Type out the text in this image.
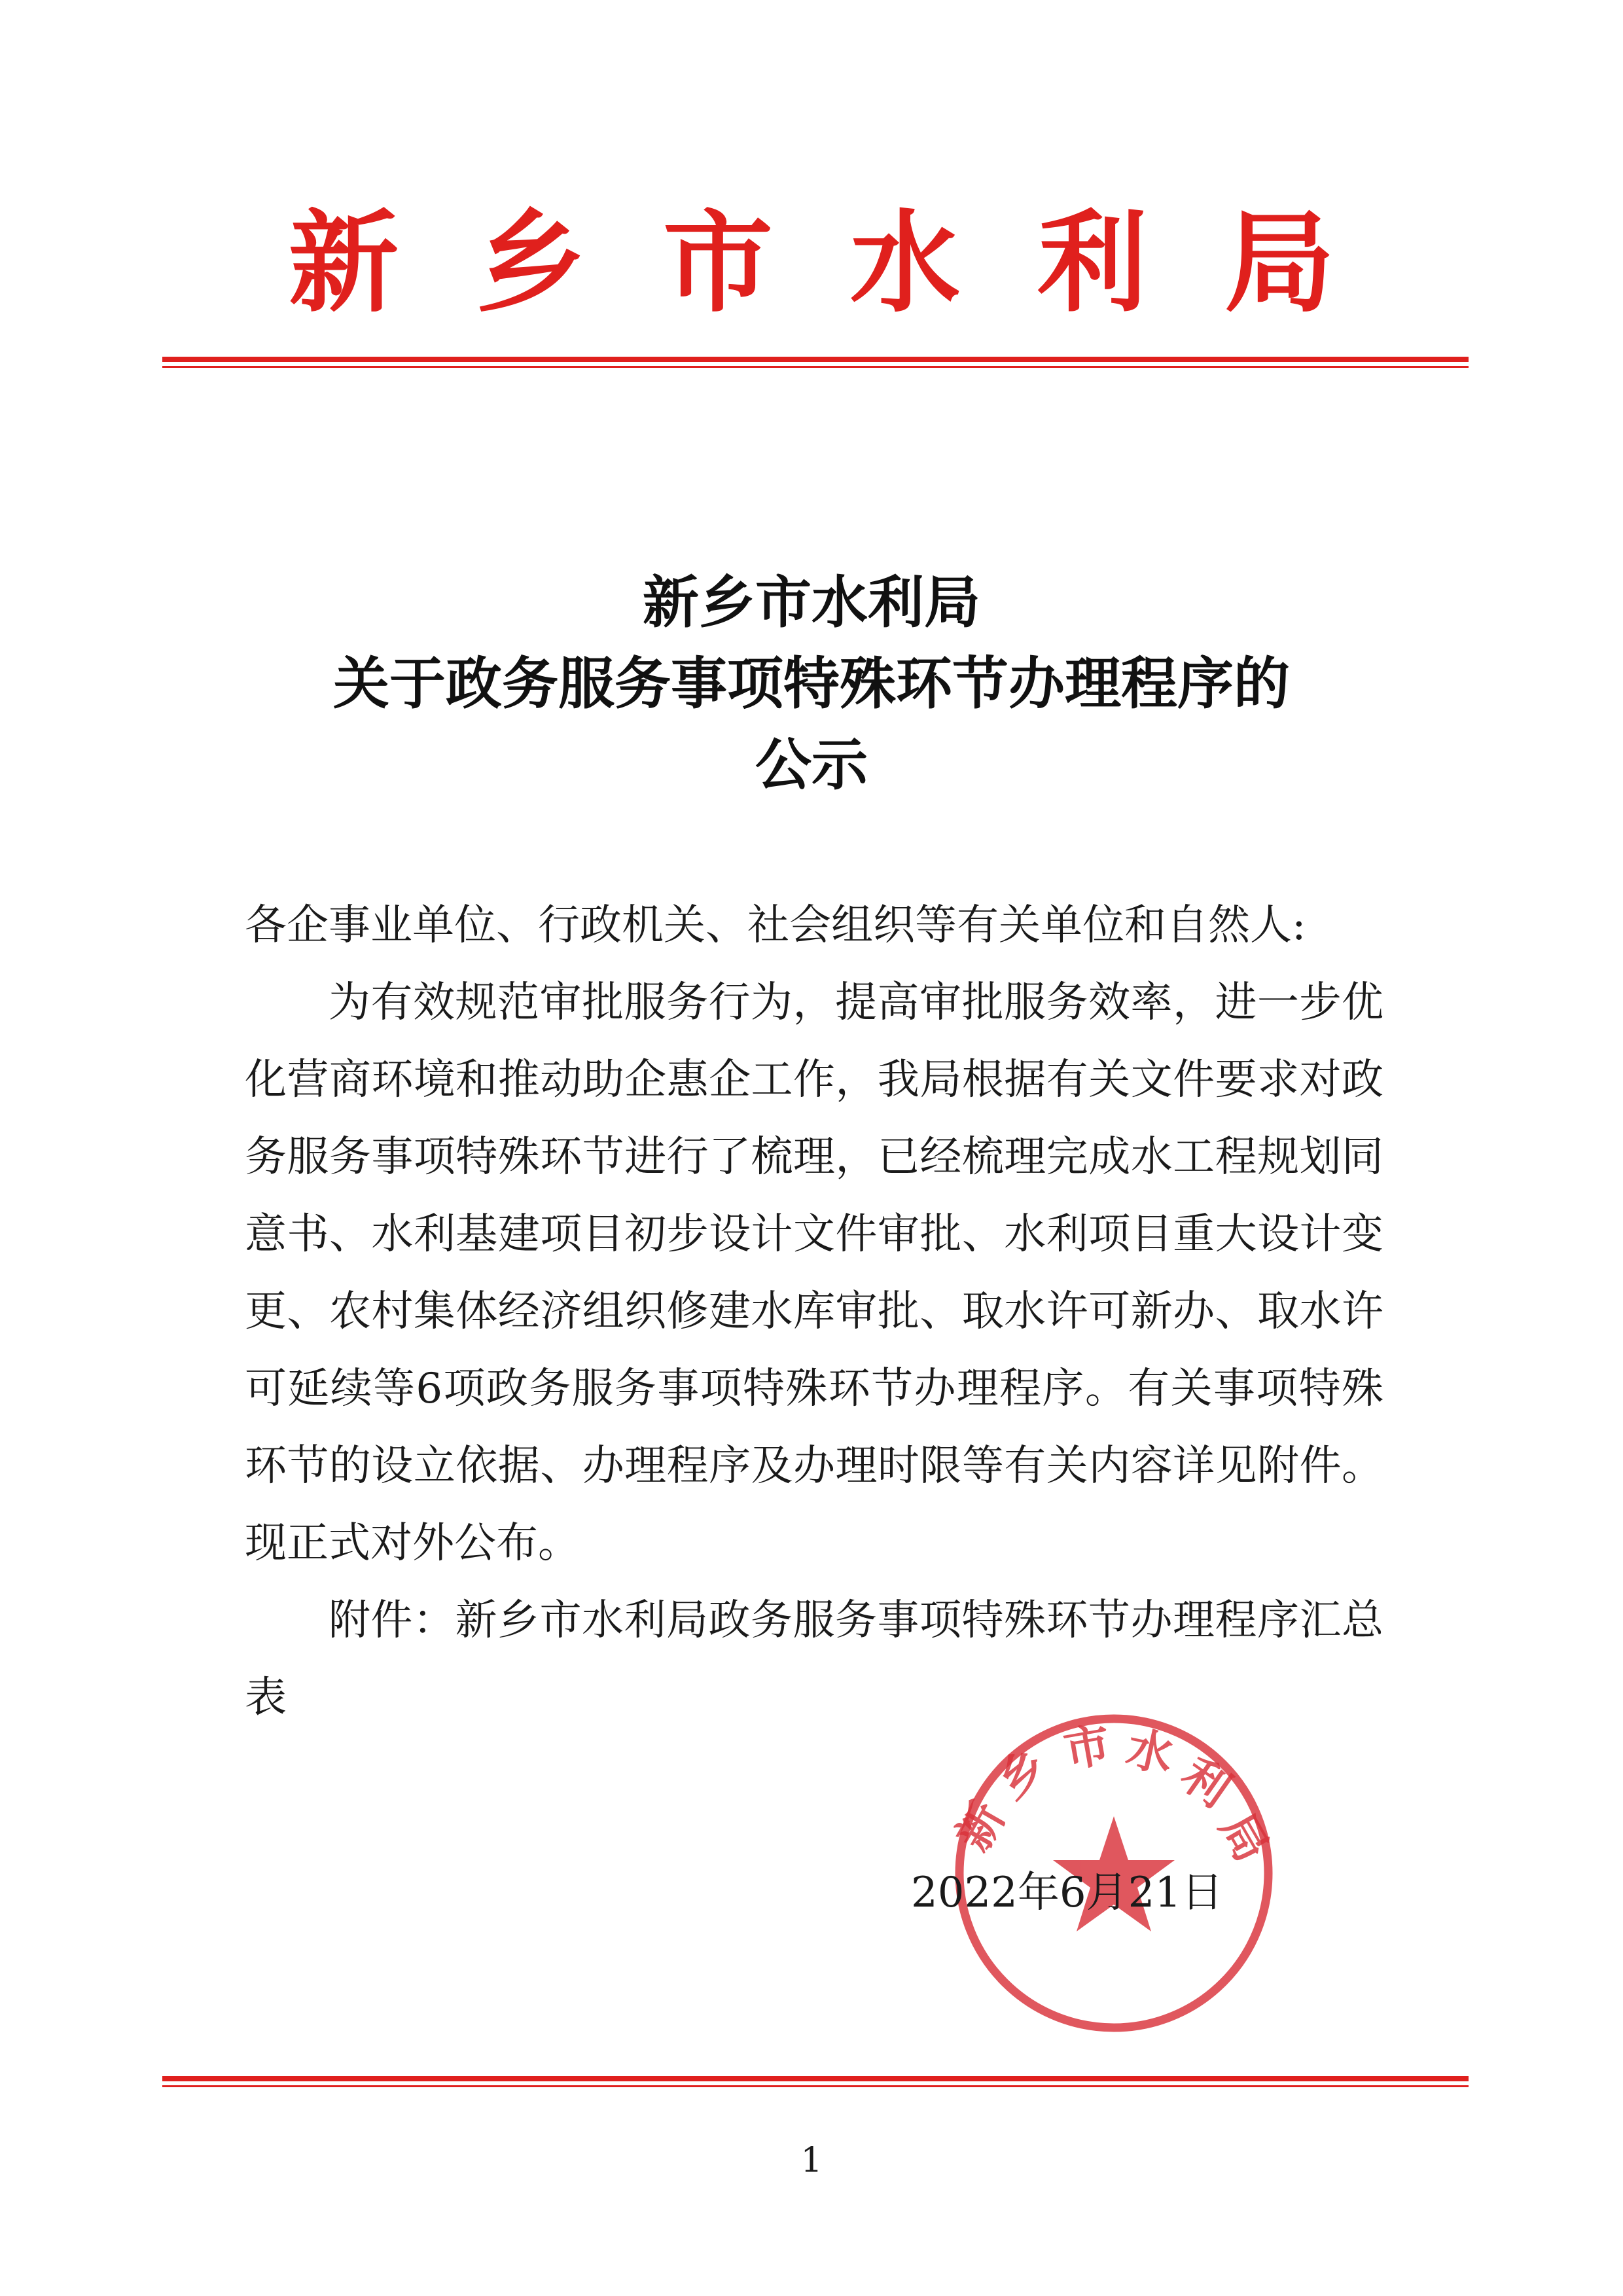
新乡市水利局
新乡市水利局
关于政务服务事项特殊环节办理程序的
公示
各企事业单位、行政机关、社会组织等有关单位和自然人:
为有效规范审批服务行为，提高审批服务效率，进一步优化营商环境和推动助企惠企工作，我局根据有关文件要求对政务服务事项特殊环节进行了梳理，已经梳理完成水工程规划同意书、水利基建项目初步设计文件审批、水利项目重大设计变更、农村集体经济组织修建水库审批、取水许可新办、取水许可延续等6项政务服务事项特殊环节办理程序。有关事项特殊环节的设立依据、办理程序及办理时限等有关内容详见附件。现正式对外公布。
附件：新乡市水利局政务服务事项特殊环节办理程序汇总表
新
乡 市 水
利
局
2022年6月21日
1
